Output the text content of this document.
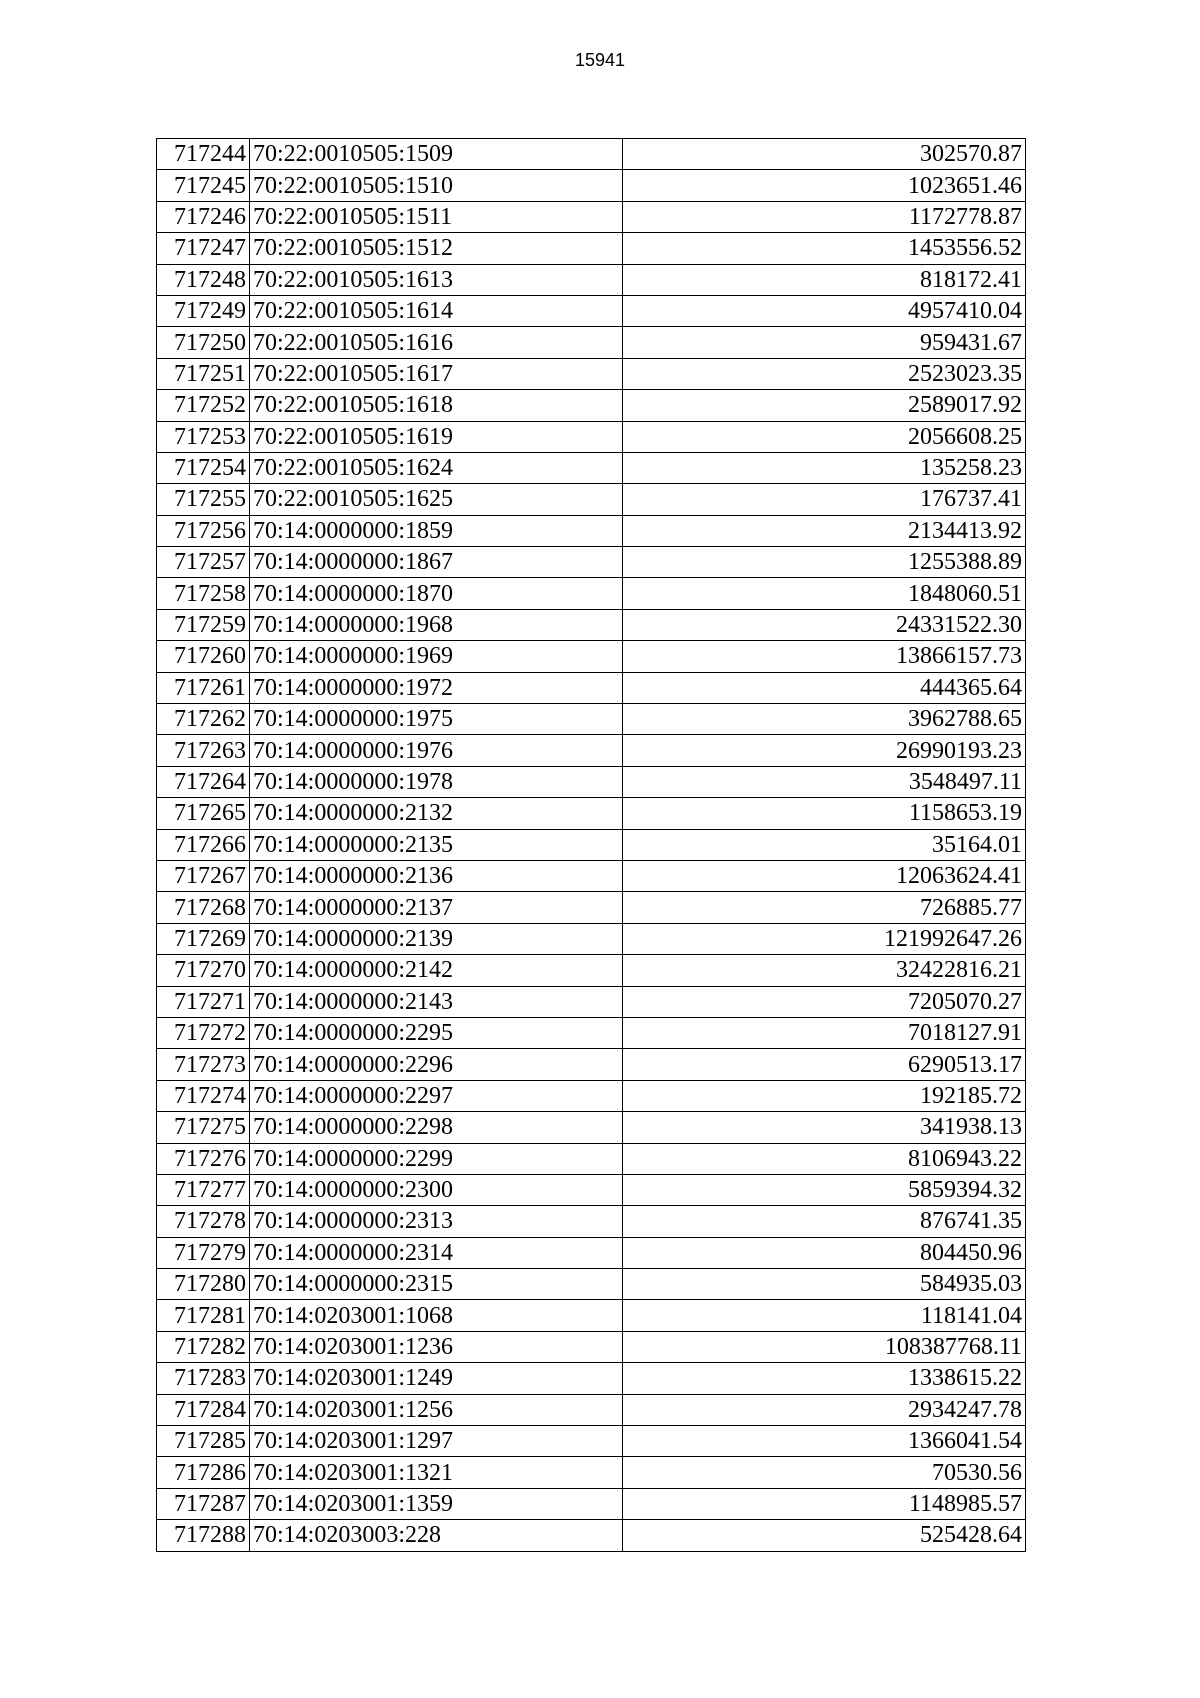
15941
717244	70:22:0010505:1509	302570.87
717245	70:22:0010505:1510	1023651.46
717246	70:22:0010505:1511	1172778.87
717247	70:22:0010505:1512	1453556.52
717248	70:22:0010505:1613	818172.41
717249	70:22:0010505:1614	4957410.04
717250	70:22:0010505:1616	959431.67
717251	70:22:0010505:1617	2523023.35
717252	70:22:0010505:1618	2589017.92
717253	70:22:0010505:1619	2056608.25
717254	70:22:0010505:1624	135258.23
717255	70:22:0010505:1625	176737.41
717256	70:14:0000000:1859	2134413.92
717257	70:14:0000000:1867	1255388.89
717258	70:14:0000000:1870	1848060.51
717259	70:14:0000000:1968	24331522.30
717260	70:14:0000000:1969	13866157.73
717261	70:14:0000000:1972	444365.64
717262	70:14:0000000:1975	3962788.65
717263	70:14:0000000:1976	26990193.23
717264	70:14:0000000:1978	3548497.11
717265	70:14:0000000:2132	1158653.19
717266	70:14:0000000:2135	35164.01
717267	70:14:0000000:2136	12063624.41
717268	70:14:0000000:2137	726885.77
717269	70:14:0000000:2139	121992647.26
717270	70:14:0000000:2142	32422816.21
717271	70:14:0000000:2143	7205070.27
717272	70:14:0000000:2295	7018127.91
717273	70:14:0000000:2296	6290513.17
717274	70:14:0000000:2297	192185.72
717275	70:14:0000000:2298	341938.13
717276	70:14:0000000:2299	8106943.22
717277	70:14:0000000:2300	5859394.32
717278	70:14:0000000:2313	876741.35
717279	70:14:0000000:2314	804450.96
717280	70:14:0000000:2315	584935.03
717281	70:14:0203001:1068	118141.04
717282	70:14:0203001:1236	108387768.11
717283	70:14:0203001:1249	1338615.22
717284	70:14:0203001:1256	2934247.78
717285	70:14:0203001:1297	1366041.54
717286	70:14:0203001:1321	70530.56
717287	70:14:0203001:1359	1148985.57
717288	70:14:0203003:228	525428.64
